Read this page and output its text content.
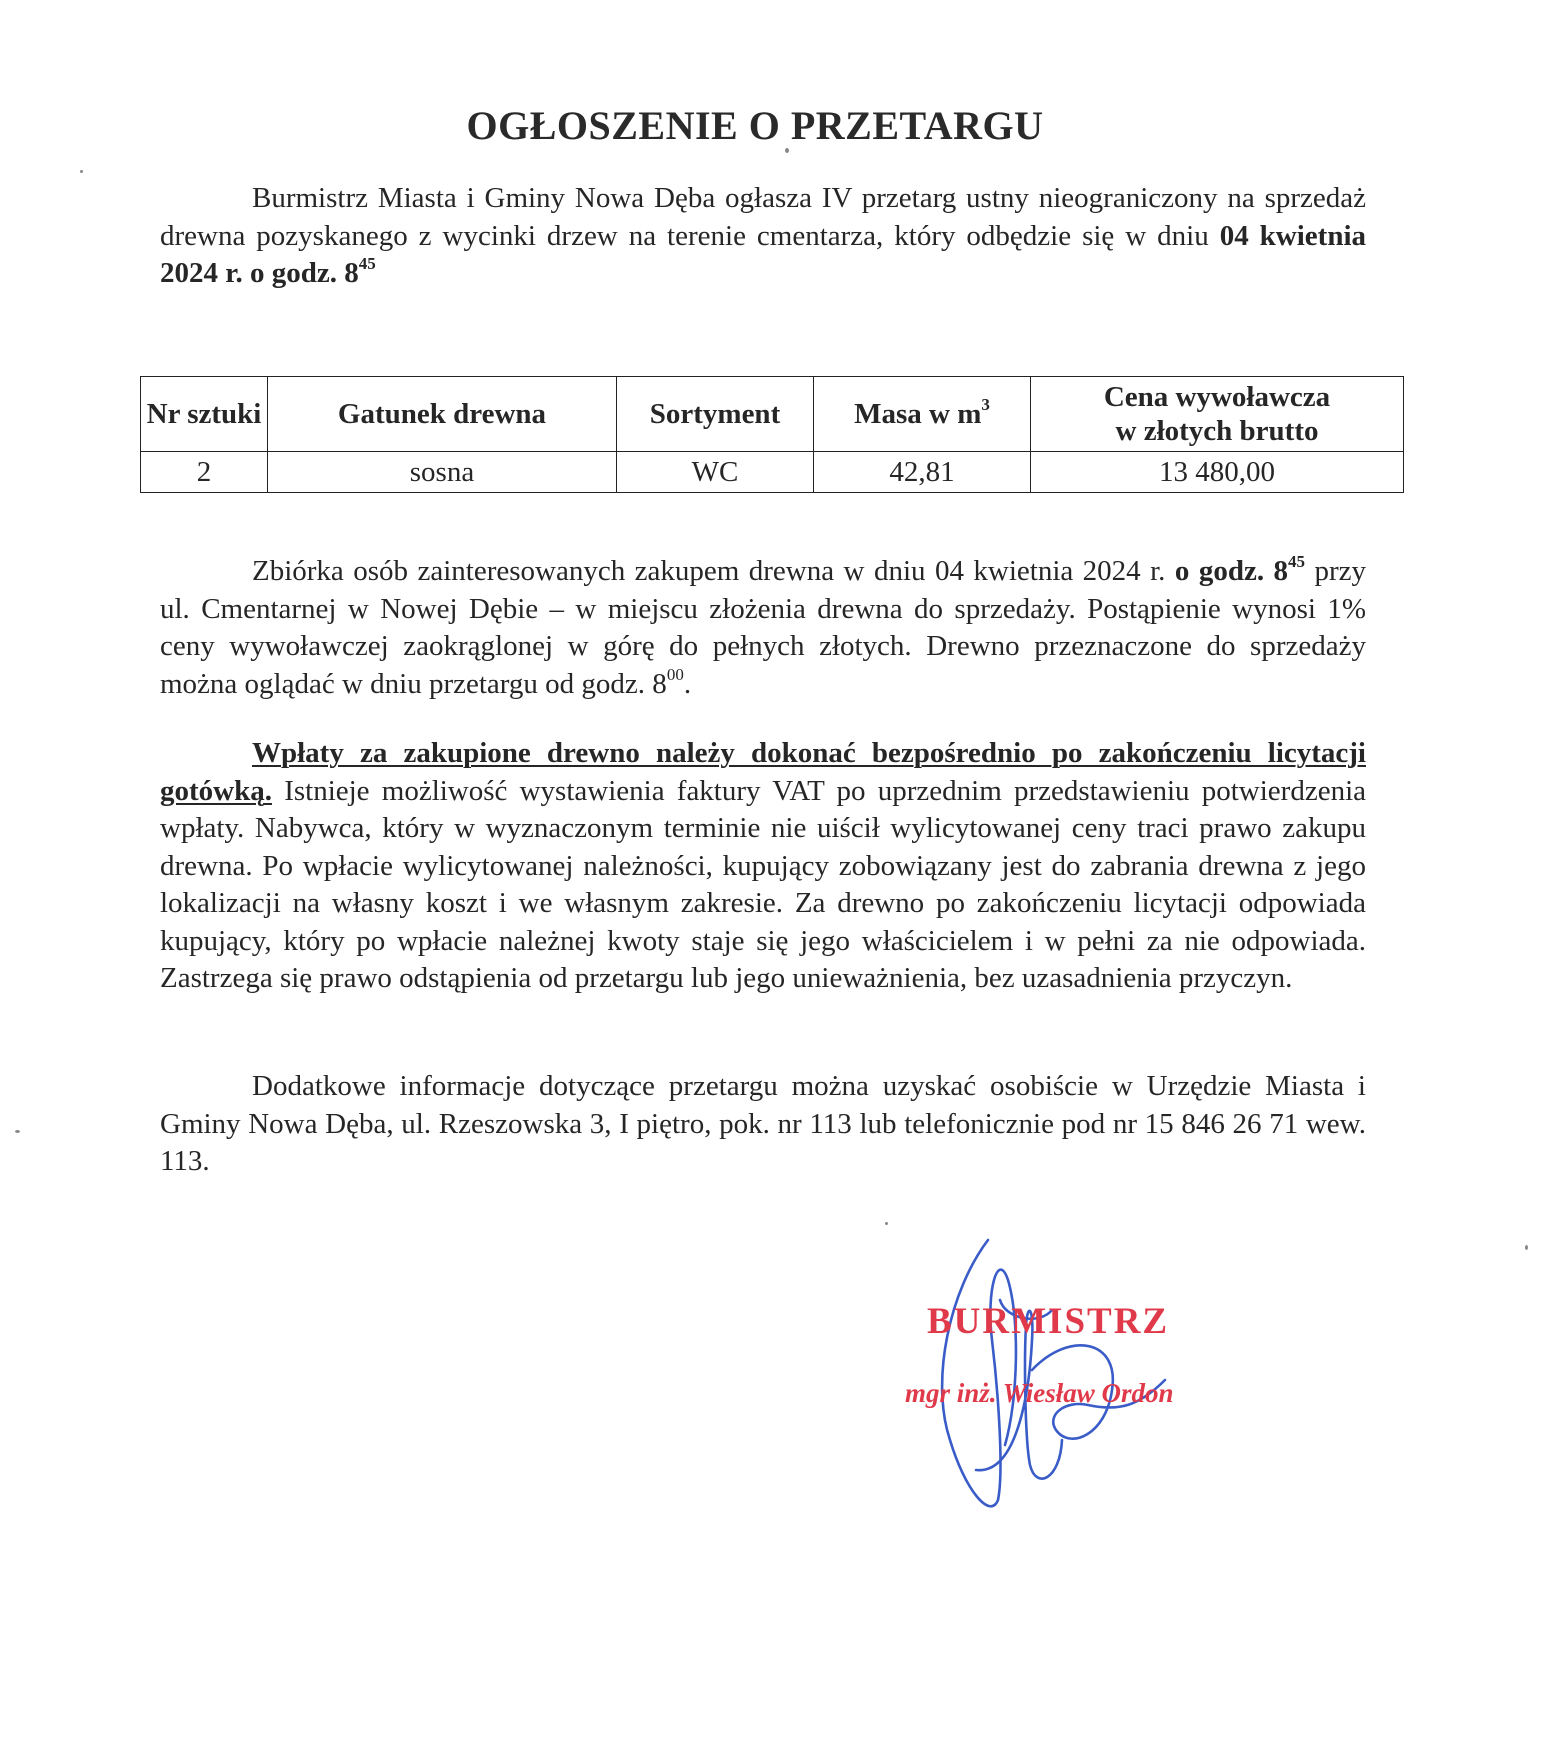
OGŁOSZENIE O PRZETARGU

Burmistrz Miasta i Gminy Nowa Dęba ogłasza IV przetarg ustny nieograniczony na sprzedaż drewna pozyskanego z wycinki drzew na terenie cmentarza, który odbędzie się w dniu 04 kwietnia 2024 r. o godz. $8^{45}$

Nr sztuki	Gatunek drewna	Sortyment	Masa w $m^3$	Cena wywoławcza
w złotych brutto
2	sosna	WC	42,81	13 480,00

Zbiórka osób zainteresowanych zakupem drewna w dniu 04 kwietnia 2024 r. o godz. $8^{45}$ przy ul. Cmentarnej w Nowej Dębie – w miejscu złożenia drewna do sprzedaży. Postąpienie wynosi 1% ceny wywoławczej zaokrąglonej w górę do pełnych złotych. Drewno przeznaczone do sprzedaży można oglądać w dniu przetargu od godz. $8^{00}$.

Wpłaty za zakupione drewno należy dokonać bezpośrednio po zakończeniu licytacji gotówką. Istnieje możliwość wystawienia faktury VAT po uprzednim przedstawieniu potwierdzenia wpłaty. Nabywca, który w wyznaczonym terminie nie uiścił wylicytowanej ceny traci prawo zakupu drewna. Po wpłacie wylicytowanej należności, kupujący zobowiązany jest do zabrania drewna z jego lokalizacji na własny koszt i we własnym zakresie. Za drewno po zakończeniu licytacji odpowiada kupujący, który po wpłacie należnej kwoty staje się jego właścicielem i w pełni za nie odpowiada. Zastrzega się prawo odstąpienia od przetargu lub jego unieważnienia, bez uzasadnienia przyczyn.

Dodatkowe informacje dotyczące przetargu można uzyskać osobiście w Urzędzie Miasta i Gminy Nowa Dęba, ul. Rzeszowska 3, I piętro, pok. nr 113 lub telefonicznie pod nr 15 846 26 71 wew. 113.

BURMISTRZ
mgr inż. Wiesław Ordon
